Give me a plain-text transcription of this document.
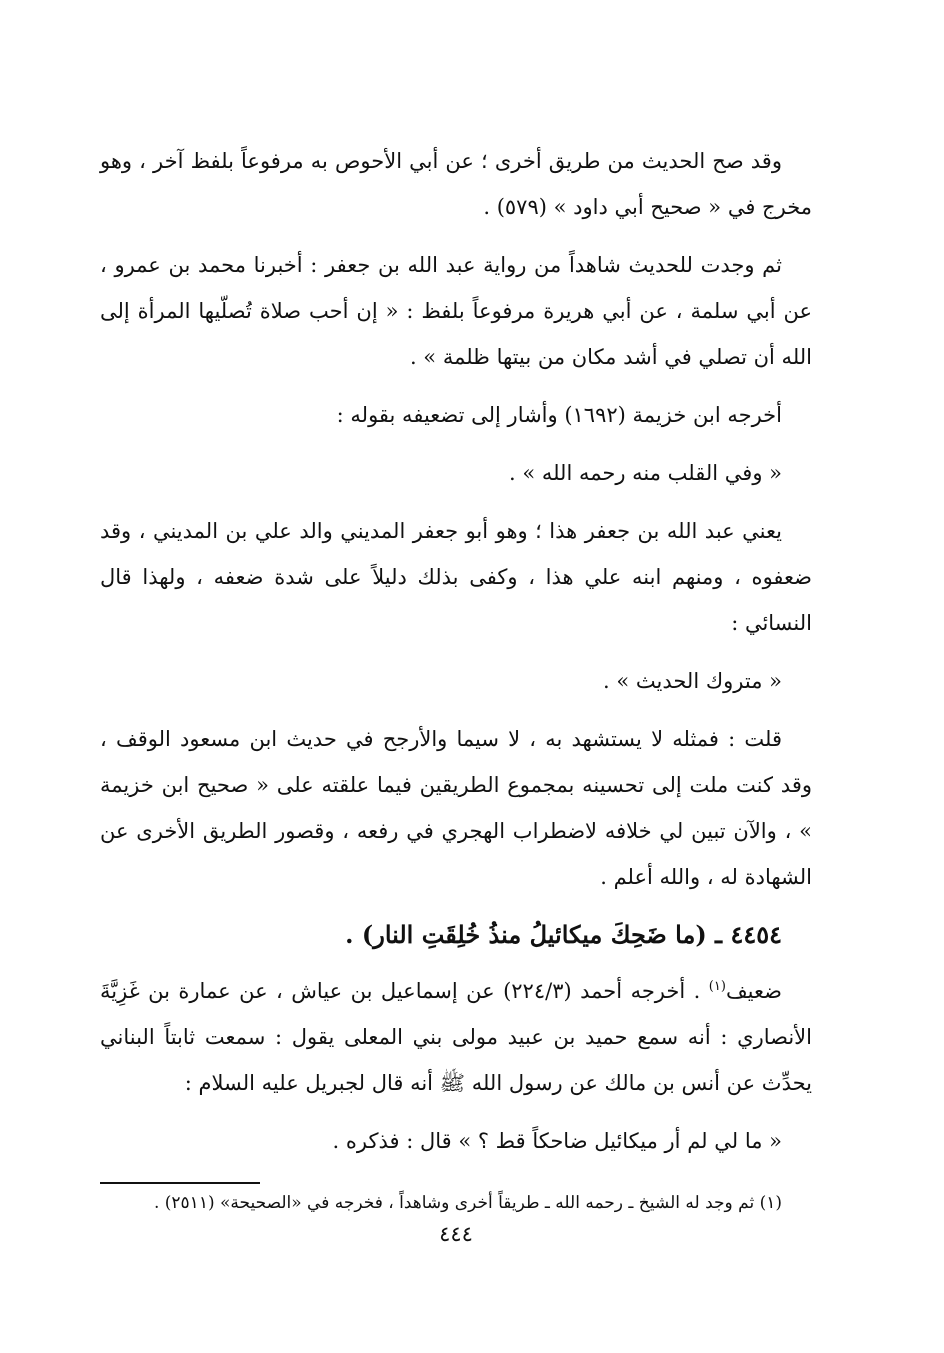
وقد صح الحديث من طريق أخرى ؛ عن أبي الأحوص به مرفوعاً بلفظ آخر ، وهو مخرج في « صحيح أبي داود » (٥٧٩) .

ثم وجدت للحديث شاهداً من رواية عبد الله بن جعفر : أخبرنا محمد بن عمرو ، عن أبي سلمة ، عن أبي هريرة مرفوعاً بلفظ : « إن أحب صلاة تُصلّيها المرأة إلى الله أن تصلي في أشد مكان من بيتها ظلمة » .

أخرجه ابن خزيمة (١٦٩٢) وأشار إلى تضعيفه بقوله :

« وفي القلب منه رحمه الله » .

يعني عبد الله بن جعفر هذا ؛ وهو أبو جعفر المديني والد علي بن المديني ، وقد ضعفوه ، ومنهم ابنه علي هذا ، وكفى بذلك دليلاً على شدة ضعفه ، ولهذا قال النسائي :

« متروك الحديث » .

قلت : فمثله لا يستشهد به ، لا سيما والأرجح في حديث ابن مسعود الوقف ، وقد كنت ملت إلى تحسينه بمجموع الطريقين فيما علقته على « صحيح ابن خزيمة » ، والآن تبين لي خلافه لاضطراب الهجري في رفعه ، وقصور الطريق الأخرى عن الشهادة له ، والله أعلم .

٤٤٥٤ ـ (ما ضَحِكَ ميكائيلُ منذُ خُلِقَتِ النار) .

ضعيف$^{(١)}$ . أخرجه أحمد (٢٢٤/٣) عن إسماعيل بن عياش ، عن عمارة بن غَزِيَّةَ الأنصاري : أنه سمع حميد بن عبيد مولى بني المعلى يقول : سمعت ثابتاً البناني يحدِّث عن أنس بن مالك عن رسول الله ﷺ أنه قال لجبريل عليه السلام :

« ما لي لم أر ميكائيل ضاحكاً قط ؟ » قال : فذكره .

(١) ثم وجد له الشيخ ـ رحمه الله ـ طريقاً أخرى وشاهداً ، فخرجه في «الصحيحة» (٢٥١١) .

٤٤٤
